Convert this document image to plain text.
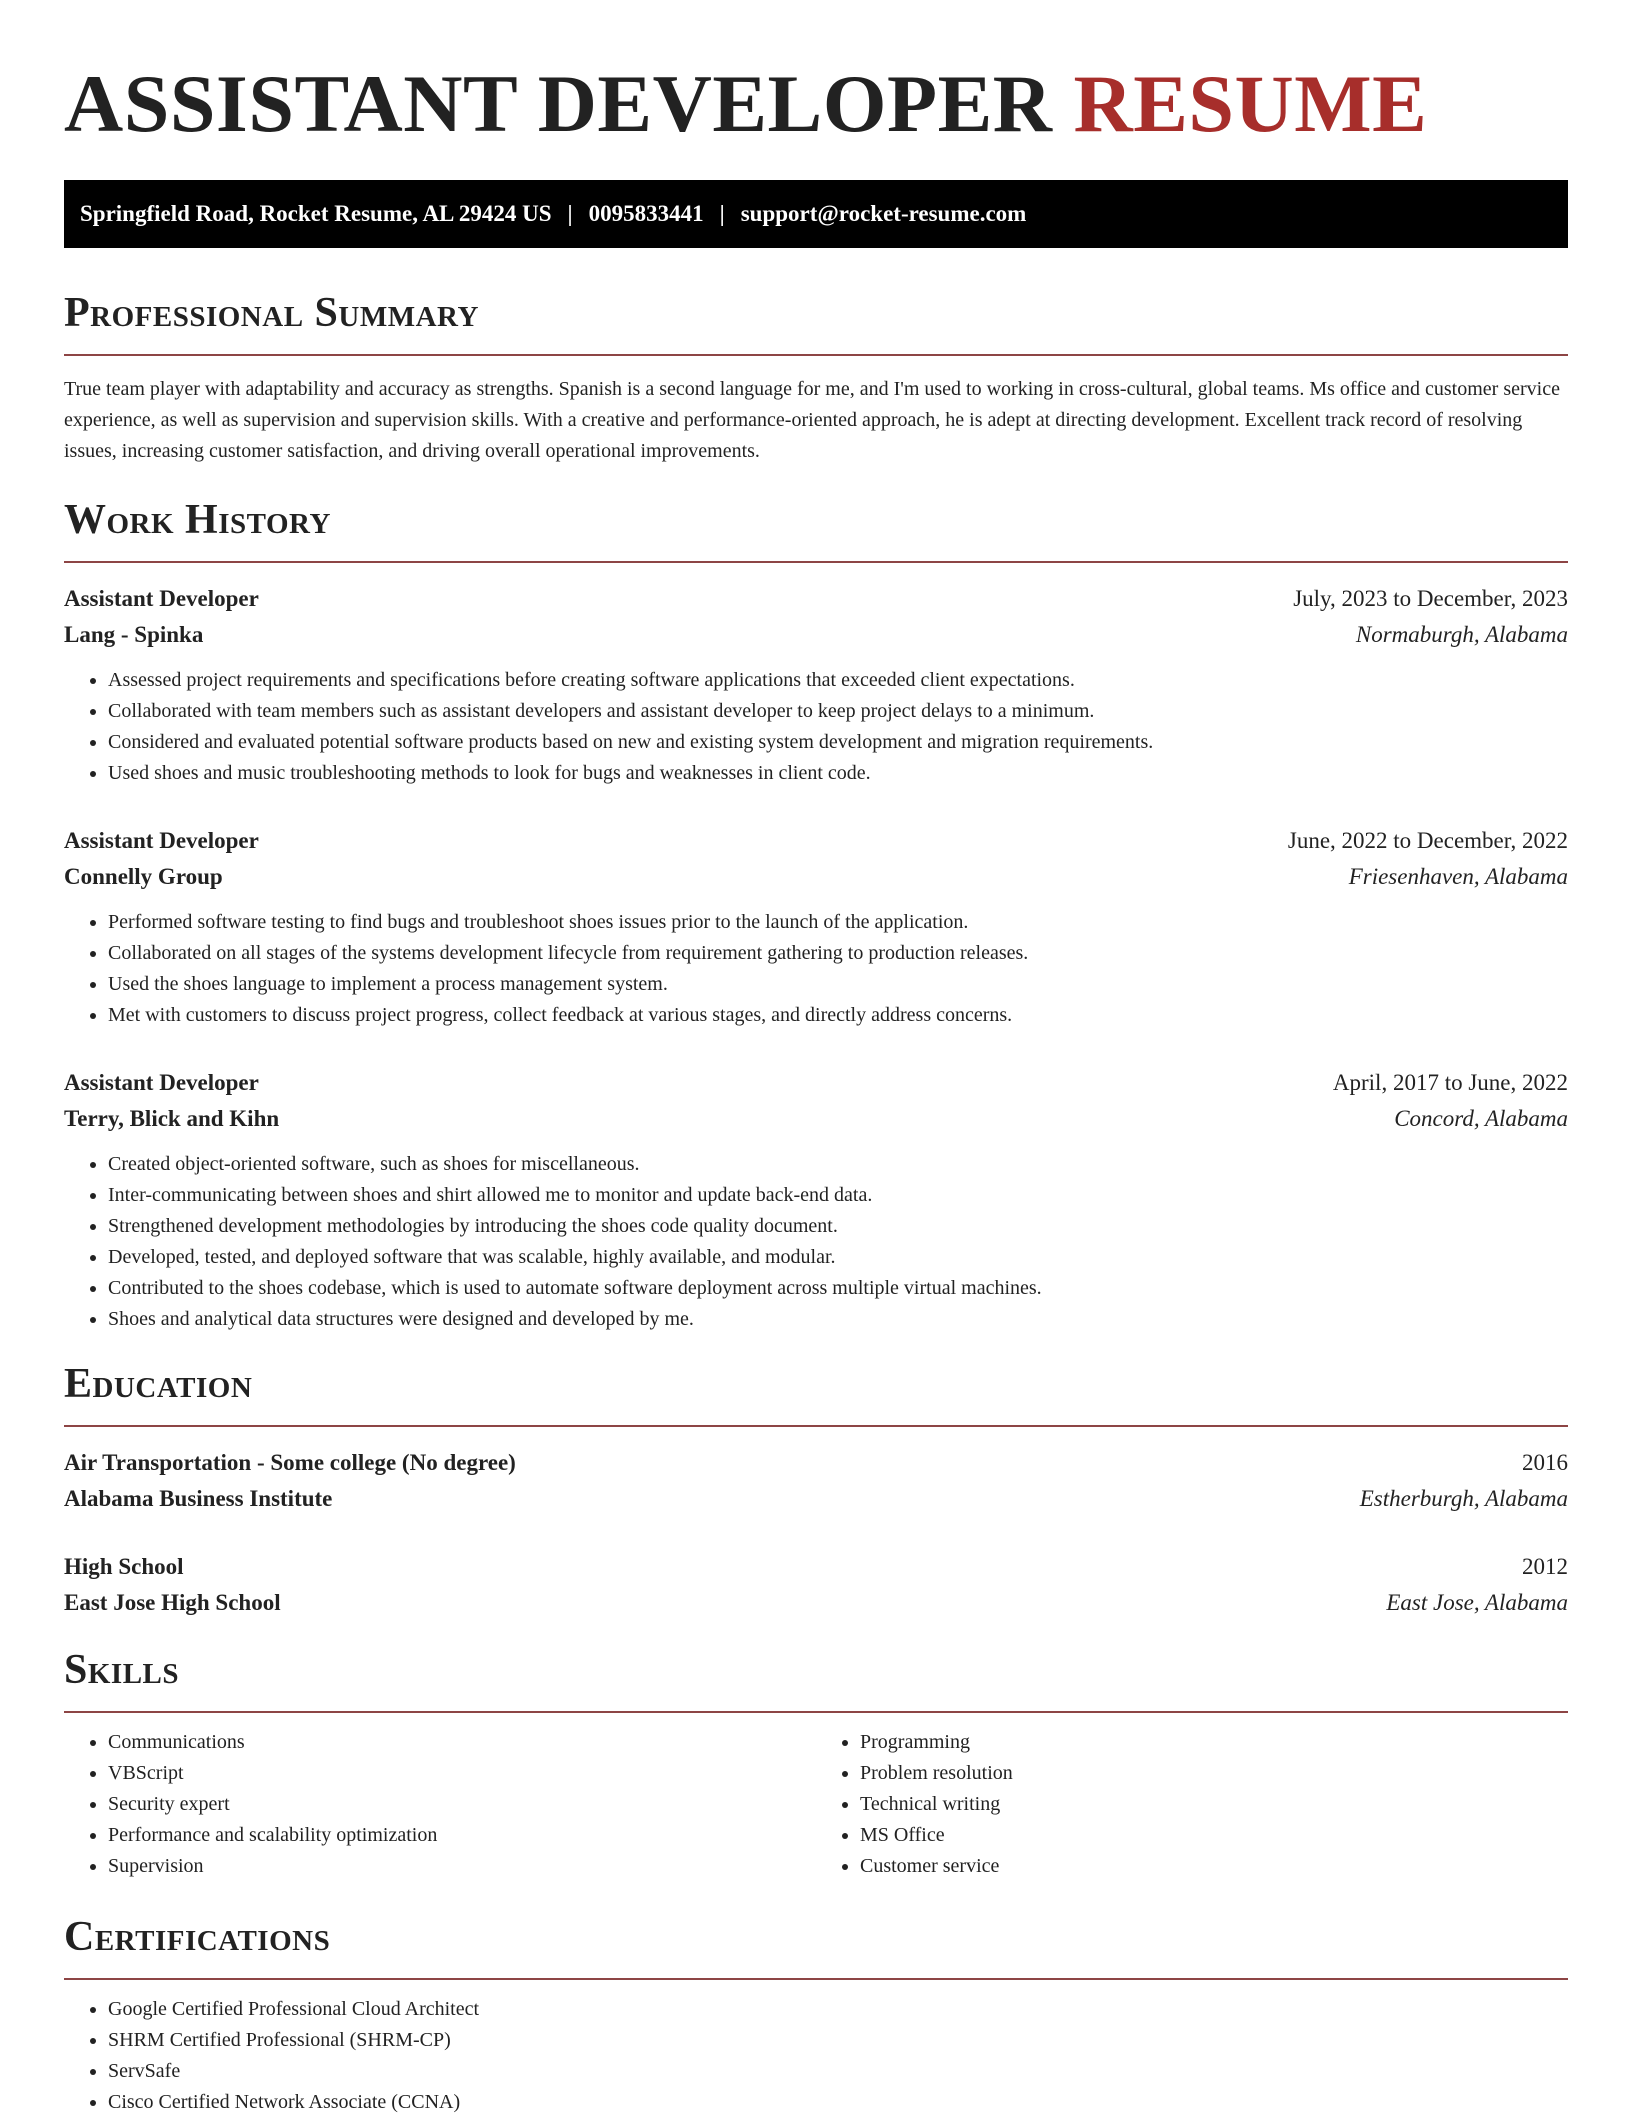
ASSISTANT DEVELOPER RESUME
Springfield Road, Rocket Resume, AL 29424 US | 0095833441 | support@rocket-resume.com
Professional Summary

True team player with adaptability and accuracy as strengths. Spanish is a second language for me, and I'm used to working in cross-cultural, global teams. Ms office and customer service experience, as well as supervision and supervision skills. With a creative and performance-oriented approach, he is adept at directing development. Excellent track record of resolving issues, increasing customer satisfaction, and driving overall operational improvements.

Work History
Assistant Developer	July, 2023 to December, 2023
Lang - Spinka	Normaburgh, Alabama
• Assessed project requirements and specifications before creating software applications that exceeded client expectations.
• Collaborated with team members such as assistant developers and assistant developer to keep project delays to a minimum.
• Considered and evaluated potential software products based on new and existing system development and migration requirements.
• Used shoes and music troubleshooting methods to look for bugs and weaknesses in client code.
Assistant Developer	June, 2022 to December, 2022
Connelly Group	Friesenhaven, Alabama
• Performed software testing to find bugs and troubleshoot shoes issues prior to the launch of the application.
• Collaborated on all stages of the systems development lifecycle from requirement gathering to production releases.
• Used the shoes language to implement a process management system.
• Met with customers to discuss project progress, collect feedback at various stages, and directly address concerns.
Assistant Developer	April, 2017 to June, 2022
Terry, Blick and Kihn	Concord, Alabama
• Created object-oriented software, such as shoes for miscellaneous.
• Inter-communicating between shoes and shirt allowed me to monitor and update back-end data.
• Strengthened development methodologies by introducing the shoes code quality document.
• Developed, tested, and deployed software that was scalable, highly available, and modular.
• Contributed to the shoes codebase, which is used to automate software deployment across multiple virtual machines.
• Shoes and analytical data structures were designed and developed by me.
Education
Air Transportation - Some college (No degree)	2016
Alabama Business Institute	Estherburgh, Alabama
High School	2012
East Jose High School	East Jose, Alabama
Skills
• Communications
• VBScript
• Security expert
• Performance and scalability optimization
• Supervision
• Programming
• Problem resolution
• Technical writing
• MS Office
• Customer service
Certifications
• Google Certified Professional Cloud Architect
• SHRM Certified Professional (SHRM-CP)
• ServSafe
• Cisco Certified Network Associate (CCNA)
